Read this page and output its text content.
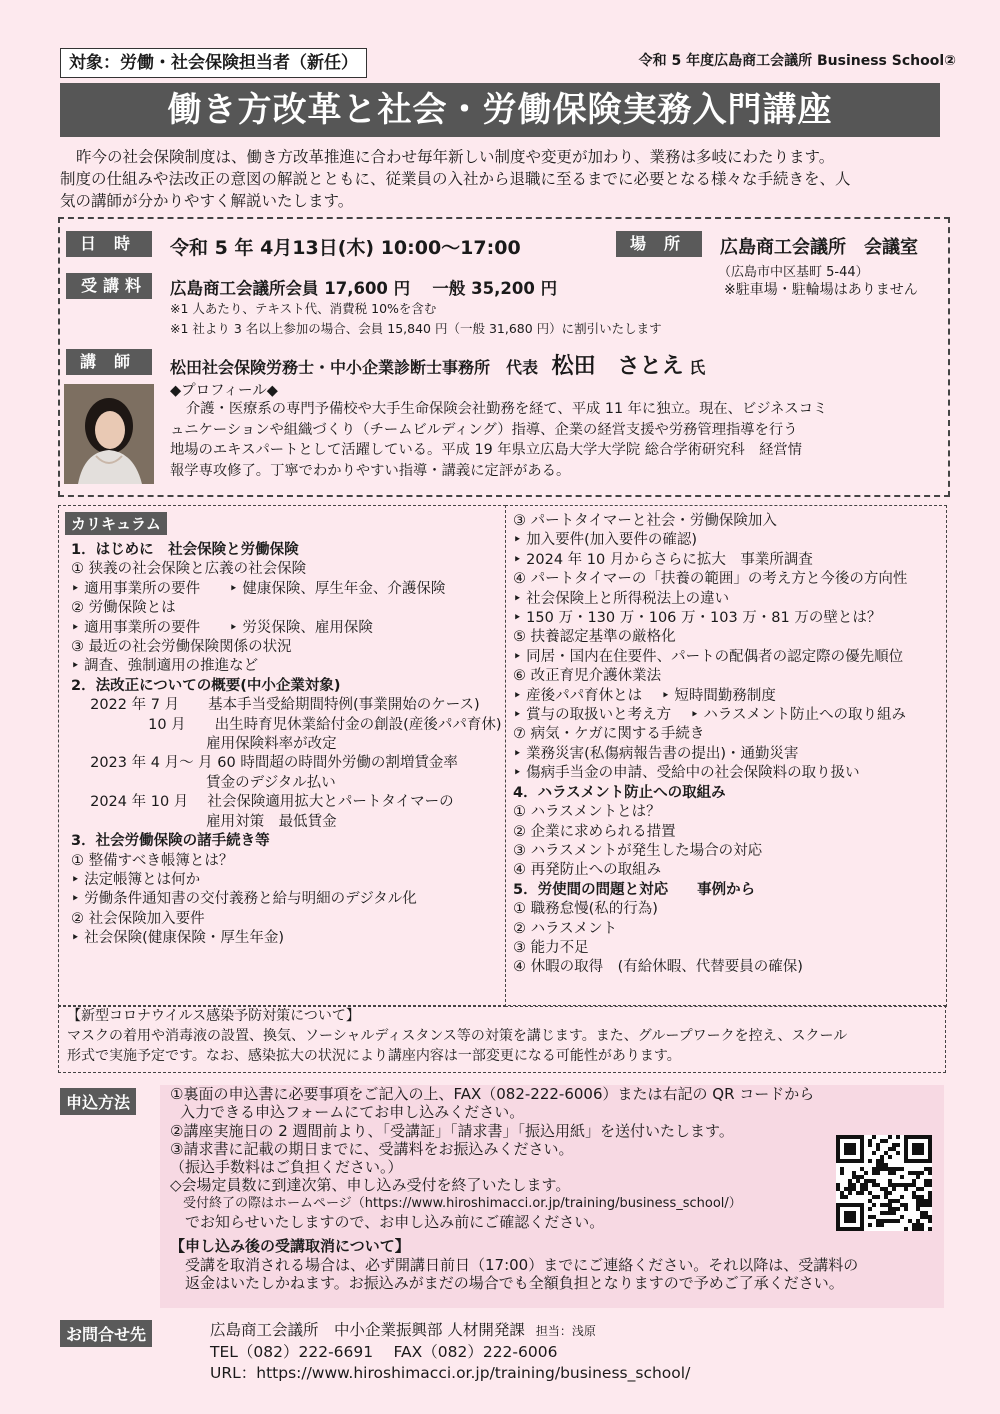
対象：労働・社会保険担当者（新任）	令和 5 年度広島商工会議所 Business School②
働き方改革と社会・労働保険実務入門講座

昨今の社会保険制度は、働き方改革推進に合わせ毎年新しい制度や変更が加わり、業務は多岐にわたります。

制度の仕組みや法改正の意図の解説とともに、従業員の入社から退職に至るまでに必要となる様々な手続きを、人

気の講師が分かりやすく解説いたします。

日時 令和 5 年 4月13日(木) 10:00～17:00	場所 広島商工会議所　会議室
（広島市中区基町 5-44）
※駐車場・駐輪場はありません
受講料	広島商工会議所会員 17,600 円　 一般 35,200 円
※1 人あたり、テキスト代、消費税 10%を含む
※1 社より 3 名以上参加の場合、会員 15,840 円（一般 31,680 円）に割引いたします
講師 松田社会保険労務士・中小企業診断士事務所　代表 松田　さとえ 氏
◆プロフィール◆
介護・医療系の専門予備校や大手生命保険会社勤務を経て、平成 11 年に独立。現在、ビジネスコミ
ュニケーションや組織づくり（チームビルディング）指導、企業の経営支援や労務管理指導を行う
地場のエキスパートとして活躍している。平成 19 年県立広島大学大学院 総合学術研究科　経営情
報学専攻修了。丁寧でわかりやすい指導・講義に定評がある。
カリキュラム
1．はじめに　社会保険と労働保険
① 狭義の社会保険と広義の社会保険
‣ 適用事業所の要件　　‣ 健康保険、厚生年金、介護保険
② 労働保険とは
‣ 適用事業所の要件　　‣ 労災保険、雇用保険
③ 最近の社会労働保険関係の状況
‣ 調査、強制適用の推進など
2．法改正についての概要(中小企業対象)
　 2022 年 7 月　　基本手当受給期間特例(事業開始のケース)
　　　　　 10 月　　出生時育児休業給付金の創設(産後パパ育休)
　　　　　　　　　 雇用保険料率が改定
　 2023 年 4 月～ 月 60 時間超の時間外労働の割増賃金率
　　　　　　　　　 賃金のデジタル払い
　 2024 年 10 月　 社会保険適用拡大とパートタイマーの
　　　　　　　　　 雇用対策　最低賃金
3．社会労働保険の諸手続き等
① 整備すべき帳簿とは？
‣ 法定帳簿とは何か
‣ 労働条件通知書の交付義務と給与明細のデジタル化
② 社会保険加入要件
‣ 社会保険(健康保険・厚生年金)
③ パートタイマーと社会・労働保険加入
‣ 加入要件(加入要件の確認)
‣ 2024 年 10 月からさらに拡大　事業所調査
④ パートタイマーの「扶養の範囲」の考え方と今後の方向性
‣ 社会保険上と所得税法上の違い
‣ 150 万・130 万・106 万・103 万・81 万の壁とは？
⑤ 扶養認定基準の厳格化
‣ 同居・国内在住要件、パートの配偶者の認定際の優先順位
⑥ 改正育児介護休業法
‣ 産後パパ育休とは　 ‣ 短時間勤務制度
‣ 賞与の取扱いと考え方　 ‣ ハラスメント防止への取り組み
⑦ 病気・ケガに関する手続き
‣ 業務災害(私傷病報告書の提出)・通勤災害
‣ 傷病手当金の申請、受給中の社会保険料の取り扱い
4．ハラスメント防止への取組み
① ハラスメントとは？
② 企業に求められる措置
③ ハラスメントが発生した場合の対応
④ 再発防止への取組み
5．労使間の問題と対応　　事例から
① 職務怠慢(私的行為)
② ハラスメント
③ 能力不足
④ 休暇の取得　(有給休暇、代替要員の確保)
【新型コロナウイルス感染予防対策について】
マスクの着用や消毒液の設置、換気、ソーシャルディスタンス等の対策を講じます。また、グループワークを控え、スクール
形式で実施予定です。なお、感染拡大の状況により講座内容は一部変更になる可能性があります。
申込方法	①裏面の申込書に必要事項をご記入の上、FAX（082-222-6006）または右記の QR コードから

入力できる申込フォームにてお申し込みください。

②講座実施日の 2 週間前より、「受講証」「請求書」「振込用紙」を送付いたします。

③請求書に記載の期日までに、受講料をお振込みください。

（振込手数料はご負担ください。）

◇会場定員数に到達次第、申し込み受付を終了いたします。

　受付終了の際はホームページ（https://www.hiroshimacci.or.jp/training/business_school/）

　でお知らせいたしますので、お申し込み前にご確認ください。

【申し込み後の受講取消について】

　受講を取消される場合は、必ず開講日前日（17:00）までにご連絡ください。それ以降は、受講料の

　返金はいたしかねます。お振込みがまだの場合でも全額負担となりますので予めご了承ください。

お問合せ先	広島商工会議所　中小企業振興部 人材開発課 担当：浅原
TEL（082）222-6691　 FAX（082）222-6006
URL：https://www.hiroshimacci.or.jp/training/business_school/
